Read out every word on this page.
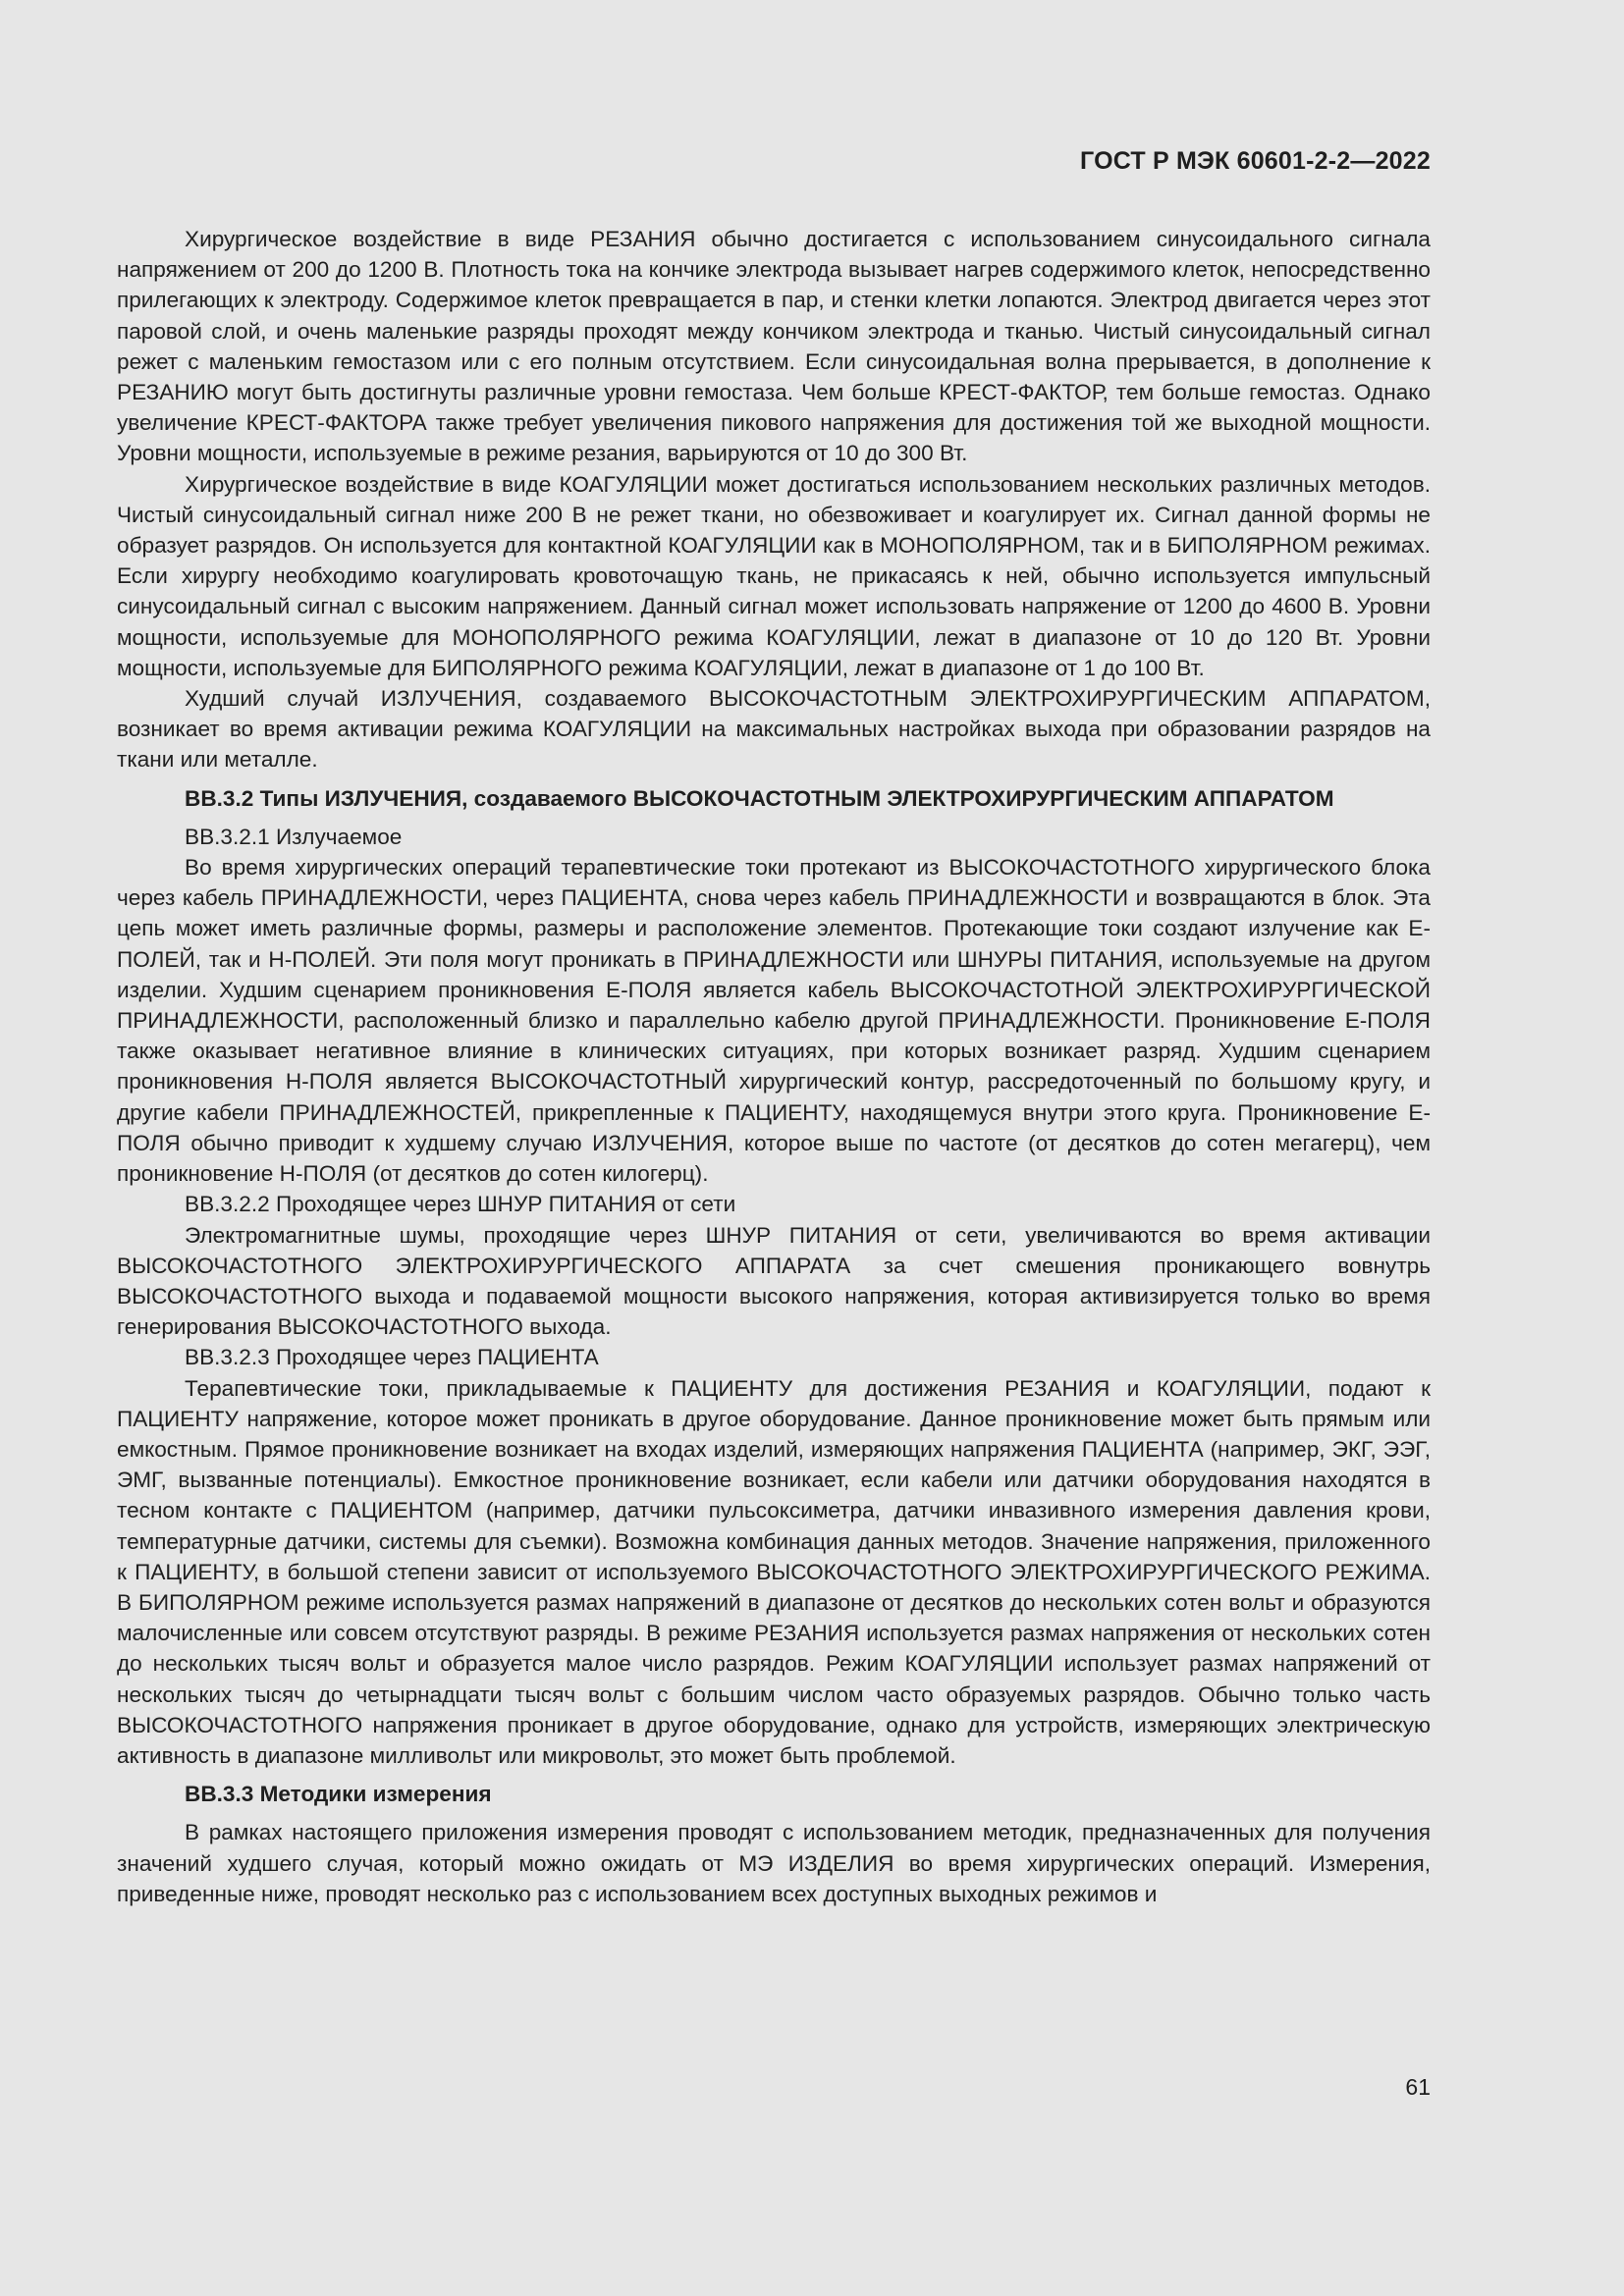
ГОСТ Р МЭК 60601-2-2—2022

Хирургическое воздействие в виде РЕЗАНИЯ обычно достигается с использованием синусоидального сигнала напряжением от 200 до 1200 В. Плотность тока на кончике электрода вызывает нагрев содержимого клеток, непосредственно прилегающих к электроду. Содержимое клеток превращается в пар, и стенки клетки лопаются. Электрод двигается через этот паровой слой, и очень маленькие разряды проходят между кончиком электрода и тканью. Чистый синусоидальный сигнал режет с маленьким гемостазом или с его полным отсутствием. Если синусоидальная волна прерывается, в дополнение к РЕЗАНИЮ могут быть достигнуты различные уровни гемостаза. Чем больше КРЕСТ-ФАКТОР, тем больше гемостаз. Однако увеличение КРЕСТ-ФАКТОРА также требует увеличения пикового напряжения для достижения той же выходной мощности. Уровни мощности, используемые в режиме резания, варьируются от 10 до 300 Вт.

Хирургическое воздействие в виде КОАГУЛЯЦИИ может достигаться использованием нескольких различных методов. Чистый синусоидальный сигнал ниже 200 В не режет ткани, но обезвоживает и коагулирует их. Сигнал данной формы не образует разрядов. Он используется для контактной КОАГУЛЯЦИИ как в МОНОПОЛЯРНОМ, так и в БИПОЛЯРНОМ режимах. Если хирургу необходимо коагулировать кровоточащую ткань, не прикасаясь к ней, обычно используется импульсный синусоидальный сигнал с высоким напряжением. Данный сигнал может использовать напряжение от 1200 до 4600 В. Уровни мощности, используемые для МОНОПОЛЯРНОГО режима КОАГУЛЯЦИИ, лежат в диапазоне от 10 до 120 Вт. Уровни мощности, используемые для БИПОЛЯРНОГО режима КОАГУЛЯЦИИ, лежат в диапазоне от 1 до 100 Вт.

Худший случай ИЗЛУЧЕНИЯ, создаваемого ВЫСОКОЧАСТОТНЫМ ЭЛЕКТРОХИРУРГИЧЕСКИМ АППАРАТОМ, возникает во время активации режима КОАГУЛЯЦИИ на максимальных настройках выхода при образовании разрядов на ткани или металле.

ВВ.3.2 Типы ИЗЛУЧЕНИЯ, создаваемого ВЫСОКОЧАСТОТНЫМ ЭЛЕКТРОХИРУРГИЧЕСКИМ АППАРАТОМ

ВВ.3.2.1 Излучаемое

Во время хирургических операций терапевтические токи протекают из ВЫСОКОЧАСТОТНОГО хирургического блока через кабель ПРИНАДЛЕЖНОСТИ, через ПАЦИЕНТА, снова через кабель ПРИНАДЛЕЖНОСТИ и возвращаются в блок. Эта цепь может иметь различные формы, размеры и расположение элементов. Протекающие токи создают излучение как Е-ПОЛЕЙ, так и Н-ПОЛЕЙ. Эти поля могут проникать в ПРИНАДЛЕЖНОСТИ или ШНУРЫ ПИТАНИЯ, используемые на другом изделии. Худшим сценарием проникновения Е-ПОЛЯ является кабель ВЫСОКОЧАСТОТНОЙ ЭЛЕКТРОХИРУРГИЧЕСКОЙ ПРИНАДЛЕЖНОСТИ, расположенный близко и параллельно кабелю другой ПРИНАДЛЕЖНОСТИ. Проникновение Е-ПОЛЯ также оказывает негативное влияние в клинических ситуациях, при которых возникает разряд. Худшим сценарием проникновения Н-ПОЛЯ является ВЫСОКОЧАСТОТНЫЙ хирургический контур, рассредоточенный по большому кругу, и другие кабели ПРИНАДЛЕЖНОСТЕЙ, прикрепленные к ПАЦИЕНТУ, находящемуся внутри этого круга. Проникновение Е-ПОЛЯ обычно приводит к худшему случаю ИЗЛУЧЕНИЯ, которое выше по частоте (от десятков до сотен мегагерц), чем проникновение Н-ПОЛЯ (от десятков до сотен килогерц).

ВВ.3.2.2 Проходящее через ШНУР ПИТАНИЯ от сети

Электромагнитные шумы, проходящие через ШНУР ПИТАНИЯ от сети, увеличиваются во время активации ВЫСОКОЧАСТОТНОГО ЭЛЕКТРОХИРУРГИЧЕСКОГО АППАРАТА за счет смешения проникающего вовнутрь ВЫСОКОЧАСТОТНОГО выхода и подаваемой мощности высокого напряжения, которая активизируется только во время генерирования ВЫСОКОЧАСТОТНОГО выхода.

ВВ.3.2.3 Проходящее через ПАЦИЕНТА

Терапевтические токи, прикладываемые к ПАЦИЕНТУ для достижения РЕЗАНИЯ и КОАГУЛЯЦИИ, подают к ПАЦИЕНТУ напряжение, которое может проникать в другое оборудование. Данное проникновение может быть прямым или емкостным. Прямое проникновение возникает на входах изделий, измеряющих напряжения ПАЦИЕНТА (например, ЭКГ, ЭЭГ, ЭМГ, вызванные потенциалы). Емкостное проникновение возникает, если кабели или датчики оборудования находятся в тесном контакте с ПАЦИЕНТОМ (например, датчики пульсоксиметра, датчики инвазивного измерения давления крови, температурные датчики, системы для съемки). Возможна комбинация данных методов. Значение напряжения, приложенного к ПАЦИЕНТУ, в большой степени зависит от используемого ВЫСОКОЧАСТОТНОГО ЭЛЕКТРОХИРУРГИЧЕСКОГО РЕЖИМА. В БИПОЛЯРНОМ режиме используется размах напряжений в диапазоне от десятков до нескольких сотен вольт и образуются малочисленные или совсем отсутствуют разряды. В режиме РЕЗАНИЯ используется размах напряжения от нескольких сотен до нескольких тысяч вольт и образуется малое число разрядов. Режим КОАГУЛЯЦИИ использует размах напряжений от нескольких тысяч до четырнадцати тысяч вольт с большим числом часто образуемых разрядов. Обычно только часть ВЫСОКОЧАСТОТНОГО напряжения проникает в другое оборудование, однако для устройств, измеряющих электрическую активность в диапазоне милливольт или микровольт, это может быть проблемой.

ВВ.3.3 Методики измерения

В рамках настоящего приложения измерения проводят с использованием методик, предназначенных для получения значений худшего случая, который можно ожидать от МЭ ИЗДЕЛИЯ во время хирургических операций. Измерения, приведенные ниже, проводят несколько раз с использованием всех доступных выходных режимов и

61
